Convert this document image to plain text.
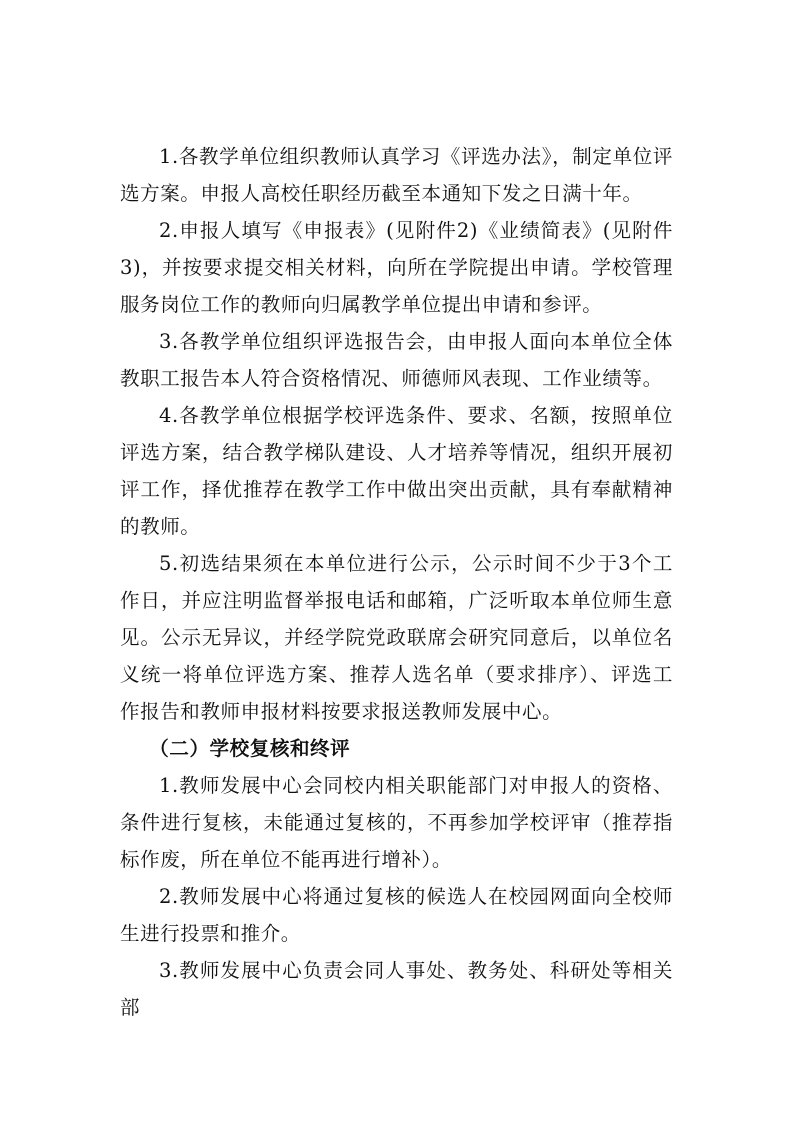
1.各教学单位组织教师认真学习《评选办法》，制定单位评选方案。申报人高校任职经历截至本通知下发之日满十年。

2.申报人填写《申报表》(见附件2)《业绩简表》(见附件3)，并按要求提交相关材料，向所在学院提出申请。学校管理服务岗位工作的教师向归属教学单位提出申请和参评。

3.各教学单位组织评选报告会，由申报人面向本单位全体教职工报告本人符合资格情况、师德师风表现、工作业绩等。

4.各教学单位根据学校评选条件、要求、名额，按照单位评选方案，结合教学梯队建设、人才培养等情况，组织开展初评工作，择优推荐在教学工作中做出突出贡献，具有奉献精神的教师。

5.初选结果须在本单位进行公示，公示时间不少于3个工作日，并应注明监督举报电话和邮箱，广泛听取本单位师生意见。公示无异议，并经学院党政联席会研究同意后，以单位名义统一将单位评选方案、推荐人选名单（要求排序）、评选工作报告和教师申报材料按要求报送教师发展中心。

（二）学校复核和终评

1.教师发展中心会同校内相关职能部门对申报人的资格、条件进行复核，未能通过复核的，不再参加学校评审（推荐指标作废，所在单位不能再进行增补）。

2.教师发展中心将通过复核的候选人在校园网面向全校师生进行投票和推介。

3.教师发展中心负责会同人事处、教务处、科研处等相关部
